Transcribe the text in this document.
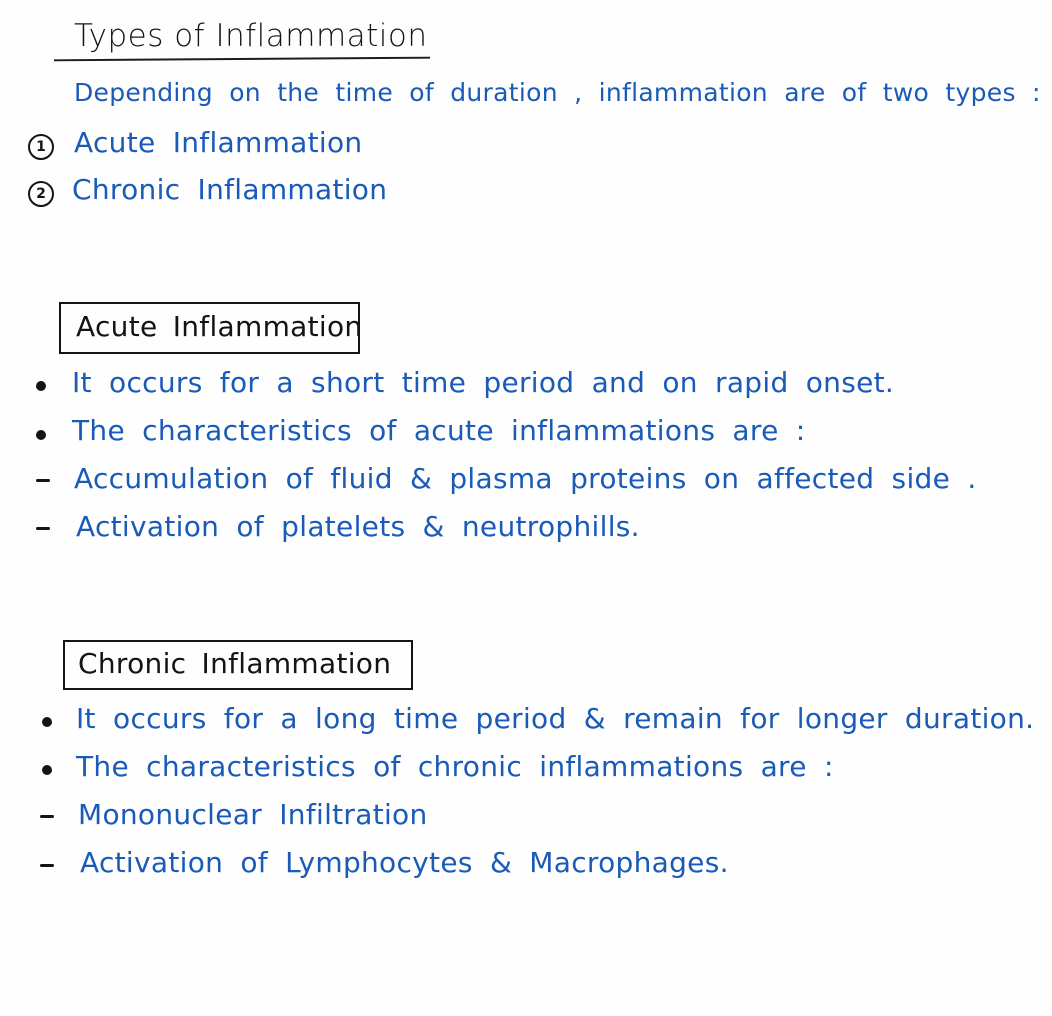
Types of Inflammation
Depending on the time of duration , inflammation are of two types :
1 Acute Inflammation
2 Chronic Inflammation
Acute Inflammation
It occurs for a short time period and on rapid onset.
The characteristics of acute inflammations are :
Accumulation of fluid & plasma proteins on affected side .
Activation of platelets & neutrophills.
Chronic Inflammation
It occurs for a long time period & remain for longer duration.
The characteristics of chronic inflammations are :
Mononuclear Infiltration
Activation of Lymphocytes & Macrophages.
